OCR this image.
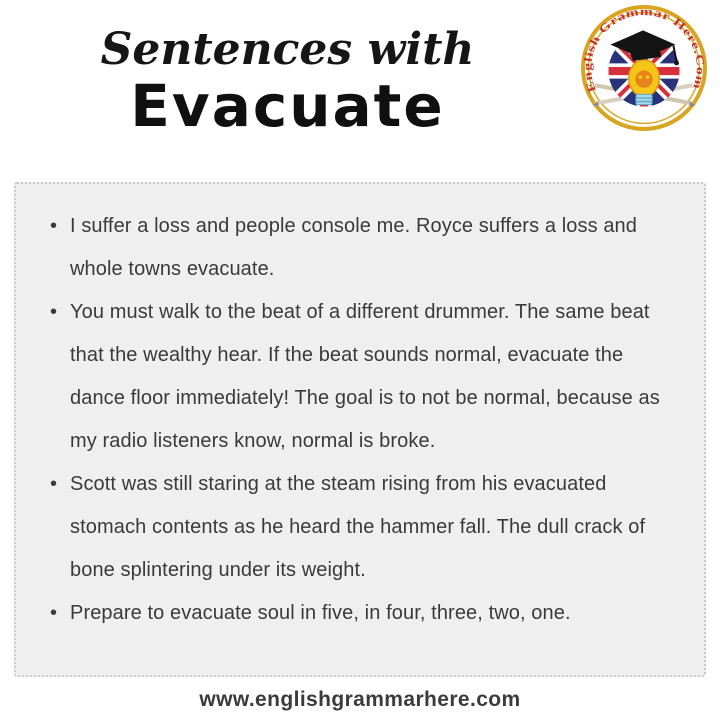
Sentences with
Evacuate	English Grammar Here.Com
• I suffer a loss and people console me. Royce suffers a loss and whole towns evacuate.
• You must walk to the beat of a different drummer. The same beat that the wealthy hear. If the beat sounds normal, evacuate the dance floor immediately! The goal is to not be normal, because as my radio listeners know, normal is broke.
• Scott was still staring at the steam rising from his evacuated stomach contents as he heard the hammer fall. The dull crack of bone splintering under its weight.
• Prepare to evacuate soul in five, in four, three, two, one.
www.englishgrammarhere.com
